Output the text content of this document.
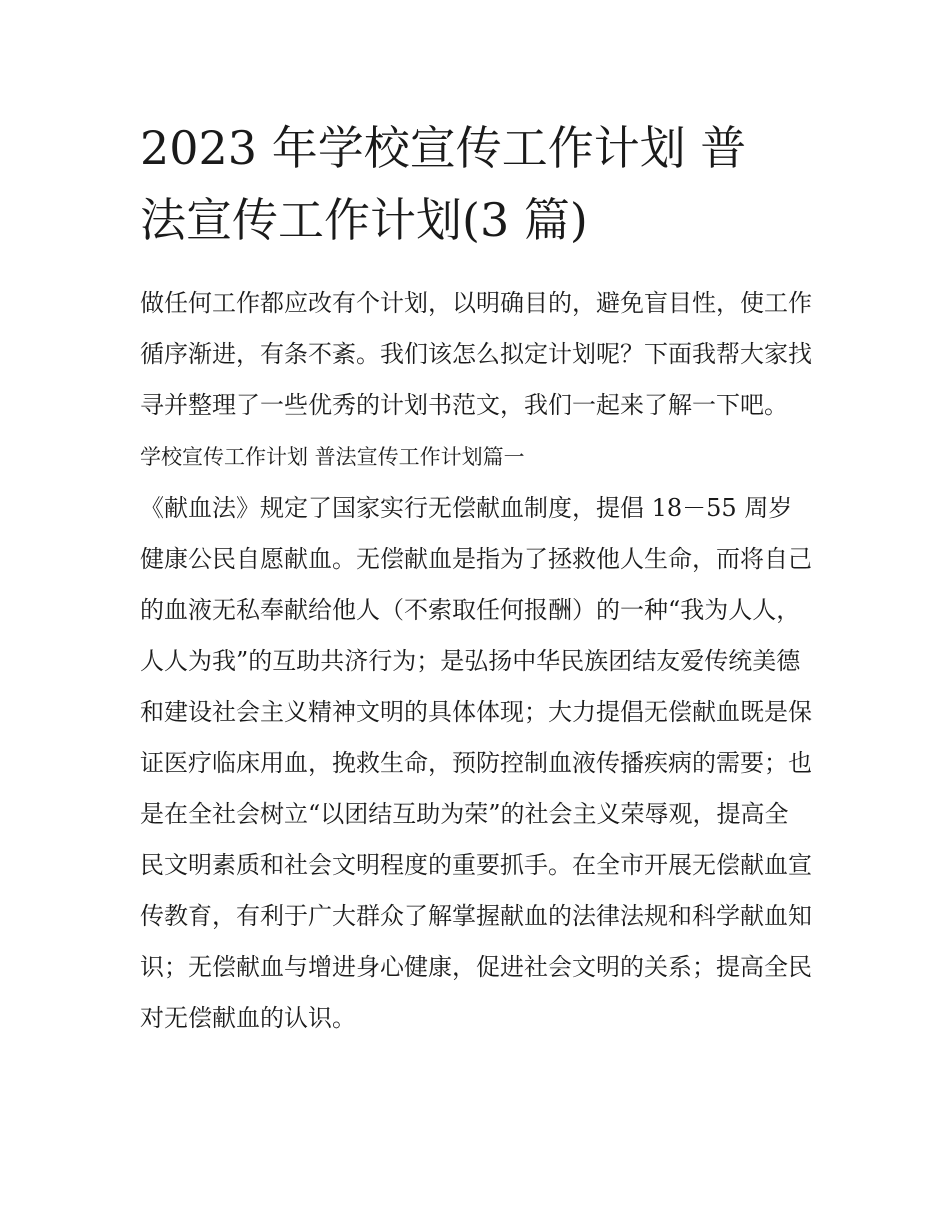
2023 年学校宣传工作计划 普
法宣传工作计划(3 篇)

做任何工作都应改有个计划，以明确目的，避免盲目性，使工作循序渐进，有条不紊。我们该怎么拟定计划呢？下面我帮大家找寻并整理了一些优秀的计划书范文，我们一起来了解一下吧。

学校宣传工作计划 普法宣传工作计划篇一

《献血法》规定了国家实行无偿献血制度，提倡 18－55 周岁健康公民自愿献血。无偿献血是指为了拯救他人生命，而将自己的血液无私奉献给他人（不索取任何报酬）的一种“我为人人，人人为我”的互助共济行为；是弘扬中华民族团结友爱传统美德和建设社会主义精神文明的具体体现；大力提倡无偿献血既是保证医疗临床用血，挽救生命，预防控制血液传播疾病的需要；也是在全社会树立“以团结互助为荣”的社会主义荣辱观，提高全民文明素质和社会文明程度的重要抓手。在全市开展无偿献血宣传教育，有利于广大群众了解掌握献血的法律法规和科学献血知识；无偿献血与增进身心健康，促进社会文明的关系；提高全民对无偿献血的认识。
